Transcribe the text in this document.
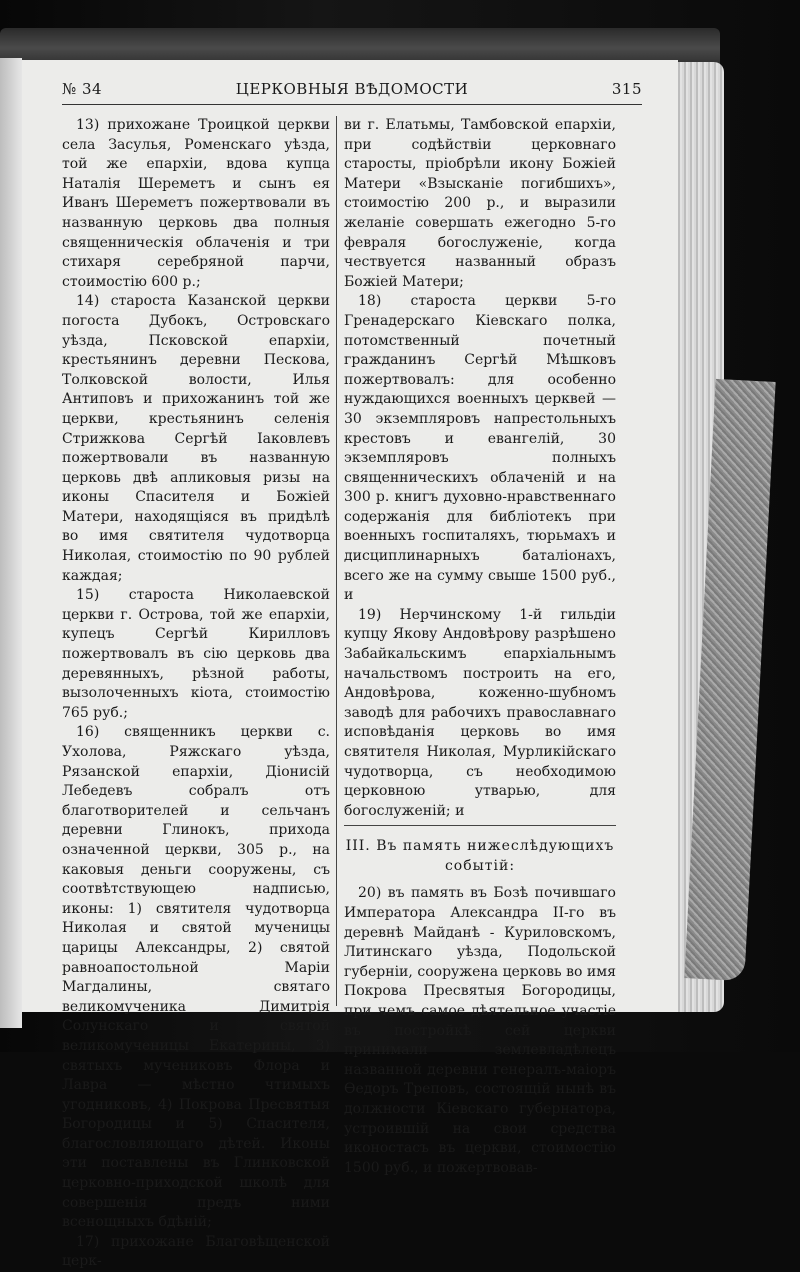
№ 34	ЦЕРКОВНЫЯ ВѢДОМОСТИ	315

13) прихожане Троицкой церкви села Засулья, Роменскаго уѣзда, той же епархіи, вдова купца Наталія Шереметъ и сынъ ея Иванъ Шереметъ пожертвовали въ названную церковь два полныя священническія облаченія и три стихаря серебряной парчи, стоимостію 600 р.;

14) староста Казанской церкви погоста Дубокъ, Островскаго уѣзда, Псковской епархіи, крестьянинъ деревни Пескова, Толковской волости, Илья Антиповъ и прихожанинъ той же церкви, крестьянинъ селенія Стрижкова Сергѣй Іаковлевъ пожертвовали въ названную церковь двѣ апликовыя ризы на иконы Спасителя и Божіей Матери, находящіяся въ придѣлѣ во имя святителя чудотворца Николая, стоимостію по 90 рублей каждая;

15) староста Николаевской церкви г. Острова, той же епархіи, купецъ Сергѣй Кирилловъ пожертвовалъ въ сію церковь два деревянныхъ, рѣзной работы, вызолоченныхъ кіота, стоимостію 765 руб.;

16) священникъ церкви с. Ухолова, Ряжскаго уѣзда, Рязанской епархіи, Діонисій Лебедевъ собралъ отъ благотворителей и сельчанъ деревни Глинокъ, прихода означенной церкви, 305 р., на каковыя деньги сооружены, съ соотвѣтствующею надписью, иконы: 1) святителя чудотворца Николая и святой мученицы царицы Александры, 2) святой равноапостольной Маріи Магдалины, святаго великомученика Димитрія Солунскаго и святой великомученицы Екатерины, 3) святыхъ мучениковъ Флора и Лавра — мѣстно чтимыхъ угодниковъ, 4) Покрова Пресвятыя Богородицы и 5) Спасителя, благословляющаго дѣтей. Иконы эти поставлены въ Глинковской церковно-приходской школѣ для совершенія предъ ними всенощныхъ бдѣній;

17) прихожане Благовѣщенской церк-

ви г. Елатьмы, Тамбовской епархіи, при содѣйствіи церковнаго старосты, пріобрѣли икону Божіей Матери «Взысканіе погибшихъ», стоимостію 200 р., и выразили желаніе совершать ежегодно 5-го февраля богослуженіе, когда чествуется названный образъ Божіей Матери;

18) староста церкви 5-го Гренадерскаго Кіевскаго полка, потомственный почетный гражданинъ Сергѣй Мѣшковъ пожертвовалъ: для особенно нуждающихся военныхъ церквей — 30 экземпляровъ напрестольныхъ крестовъ и евангелій, 30 экземпляровъ полныхъ священническихъ облаченій и на 300 р. книгъ духовно-нравственнаго содержанія для библіотекъ при военныхъ госпиталяхъ, тюрьмахъ и дисциплинарныхъ баталіонахъ, всего же на сумму свыше 1500 руб., и

19) Нерчинскому 1-й гильдіи купцу Якову Андовѣрову разрѣшено Забайкальскимъ епархіальнымъ начальствомъ построить на его, Андовѣрова, коженно-шубномъ заводѣ для рабочихъ православнаго исповѣданія церковь во имя святителя Николая, Мурликійскаго чудотворца, съ необходимою церковною утварью, для богослуженій; и

III. Въ память нижеслѣдующихъ событій:

20) въ память въ Бозѣ почившаго Императора Александра II-го въ деревнѣ Майданѣ - Куриловскомъ, Литинскаго уѣзда, Подольской губерніи, сооружена церковь во имя Покрова Пресвятыя Богородицы, при чемъ самое дѣятельное участіе въ постройкѣ сей церкви принимали землевладѣлецъ названной деревни генералъ-маіоръ Ѳедоръ Треповъ, состоящій нынѣ въ должности Кіевскаго губернатора, устроившій на свои средства иконостасъ въ церкви, стоимостію 1500 руб., и пожертвовав-
